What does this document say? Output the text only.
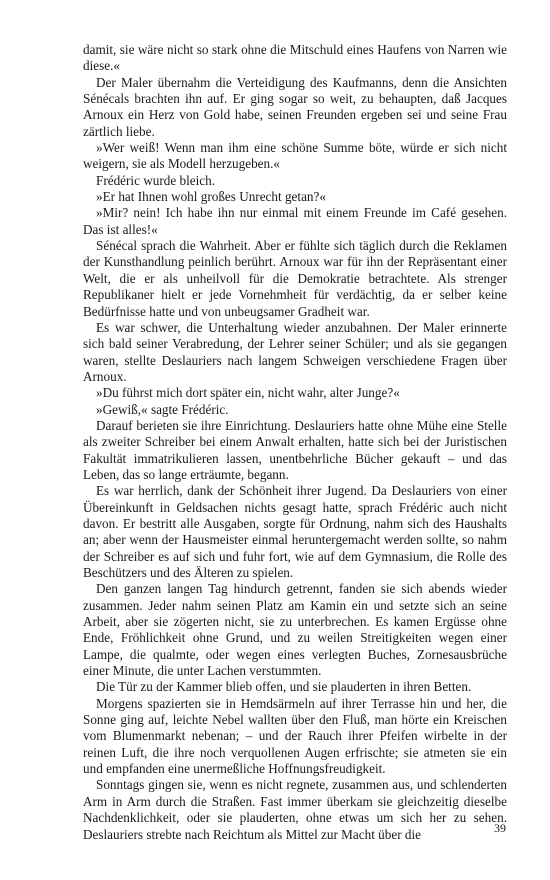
damit, sie wäre nicht so stark ohne die Mitschuld eines Haufens von Narren wie diese.«

Der Maler übernahm die Verteidigung des Kaufmanns, denn die Ansichten Sénécals brachten ihn auf. Er ging sogar so weit, zu behaupten, daß Jacques Arnoux ein Herz von Gold habe, seinen Freunden ergeben sei und seine Frau zärtlich liebe.

»Wer weiß! Wenn man ihm eine schöne Summe böte, würde er sich nicht weigern, sie als Modell herzugeben.«

Frédéric wurde bleich.

»Er hat Ihnen wohl großes Unrecht getan?«

»Mir? nein! Ich habe ihn nur einmal mit einem Freunde im Café gesehen. Das ist alles!«

Sénécal sprach die Wahrheit. Aber er fühlte sich täglich durch die Reklamen der Kunsthandlung peinlich berührt. Arnoux war für ihn der Repräsentant einer Welt, die er als unheilvoll für die Demokratie betrachtete. Als strenger Republikaner hielt er jede Vornehmheit für verdächtig, da er selber keine Bedürfnisse hatte und von unbeugsamer Gradheit war.

Es war schwer, die Unterhaltung wieder anzubahnen. Der Maler erinnerte sich bald seiner Verabredung, der Lehrer seiner Schüler; und als sie gegangen waren, stellte Deslauriers nach langem Schweigen verschiedene Fragen über Arnoux.

»Du führst mich dort später ein, nicht wahr, alter Junge?«

»Gewiß,« sagte Frédéric.

Darauf berieten sie ihre Einrichtung. Deslauriers hatte ohne Mühe eine Stelle als zweiter Schreiber bei einem Anwalt erhalten, hatte sich bei der Juristischen Fakultät immatrikulieren lassen, unentbehrliche Bücher gekauft – und das Leben, das so lange erträumte, begann.

Es war herrlich, dank der Schönheit ihrer Jugend. Da Deslauriers von einer Übereinkunft in Geldsachen nichts gesagt hatte, sprach Frédéric auch nicht davon. Er bestritt alle Ausgaben, sorgte für Ordnung, nahm sich des Haushalts an; aber wenn der Hausmeister einmal heruntergemacht werden sollte, so nahm der Schreiber es auf sich und fuhr fort, wie auf dem Gymnasium, die Rolle des Beschützers und des Älteren zu spielen.

Den ganzen langen Tag hindurch getrennt, fanden sie sich abends wieder zusammen. Jeder nahm seinen Platz am Kamin ein und setzte sich an seine Arbeit, aber sie zögerten nicht, sie zu unterbrechen. Es kamen Ergüsse ohne Ende, Fröhlichkeit ohne Grund, und zu weilen Streitigkeiten wegen einer Lampe, die qualmte, oder wegen eines verlegten Buches, Zornesausbrüche einer Minute, die unter Lachen verstummten.

Die Tür zu der Kammer blieb offen, und sie plauderten in ihren Betten.

Morgens spazierten sie in Hemdsärmeln auf ihrer Terrasse hin und her, die Sonne ging auf, leichte Nebel wallten über den Fluß, man hörte ein Kreischen vom Blumenmarkt nebenan; – und der Rauch ihrer Pfeifen wirbelte in der reinen Luft, die ihre noch verquollenen Augen erfrischte; sie atmeten sie ein und empfanden eine unermeßliche Hoffnungsfreudigkeit.

Sonntags gingen sie, wenn es nicht regnete, zusammen aus, und schlenderten Arm in Arm durch die Straßen. Fast immer überkam sie gleichzeitig dieselbe Nachdenklichkeit, oder sie plauderten, ohne etwas um sich her zu sehen. Deslauriers strebte nach Reichtum als Mittel zur Macht über die	39
